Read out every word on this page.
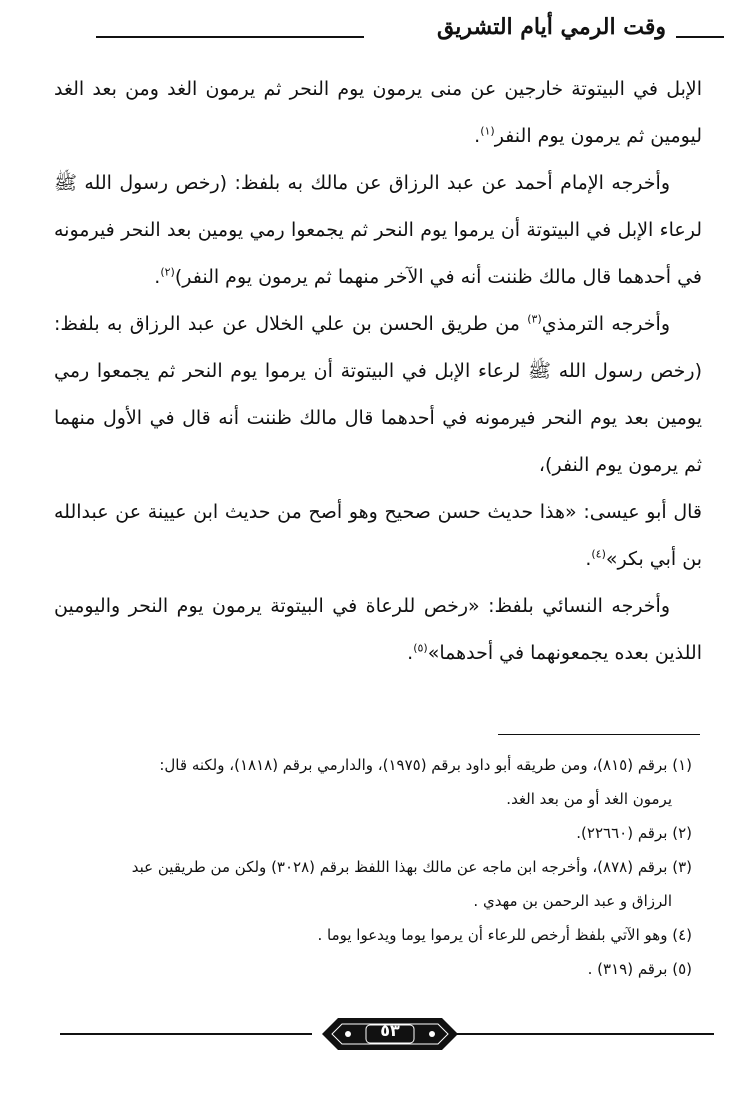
وقت الرمي أيام التشريق

الإبل في البيتوتة خارجين عن منى يرمون يوم النحر ثم يرمون الغد ومن بعد الغد ليومين ثم يرمون يوم النفر$^{(١)}$.

وأخرجه الإمام أحمد عن عبد الرزاق عن مالك به بلفظ: (رخص رسول الله ﷺ لرعاء الإبل في البيتوتة أن يرموا يوم النحر ثم يجمعوا رمي يومين بعد النحر فيرمونه في أحدهما قال مالك ظننت أنه في الآخر منهما ثم يرمون يوم النفر)$^{(٢)}$.

وأخرجه الترمذي$^{(٣)}$ من طريق الحسن بن علي الخلال عن عبد الرزاق به بلفظ: (رخص رسول الله ﷺ لرعاء الإبل في البيتوتة أن يرموا يوم النحر ثم يجمعوا رمي يومين بعد يوم النحر فيرمونه في أحدهما قال مالك ظننت أنه قال في الأول منهما ثم يرمون يوم النفر)،

قال أبو عيسى: «هذا حديث حسن صحيح وهو أصح من حديث ابن عيينة عن عبدالله بن أبي بكر»$^{(٤)}$.

وأخرجه النسائي بلفظ: «رخص للرعاة في البيتوتة يرمون يوم النحر واليومين اللذين بعده يجمعونهما في أحدهما»$^{(٥)}$.

(١) برقم (٨١٥)، ومن طريقه أبو داود برقم (١٩٧٥)، والدارمي برقم (١٨١٨)، ولكنه قال:
يرمون الغد أو من بعد الغد.

(٢) برقم (٢٢٦٦٠).

(٣) برقم (٨٧٨)، وأخرجه ابن ماجه عن مالك بهذا اللفظ برقم (٣٠٢٨) ولكن من طريقين عبد
الرزاق و عبد الرحمن بن مهدي .

(٤) وهو الآتي بلفظ أرخص للرعاء أن يرموا يوما ويدعوا يوما .

(٥) برقم (٣١٩) .

٥٣
